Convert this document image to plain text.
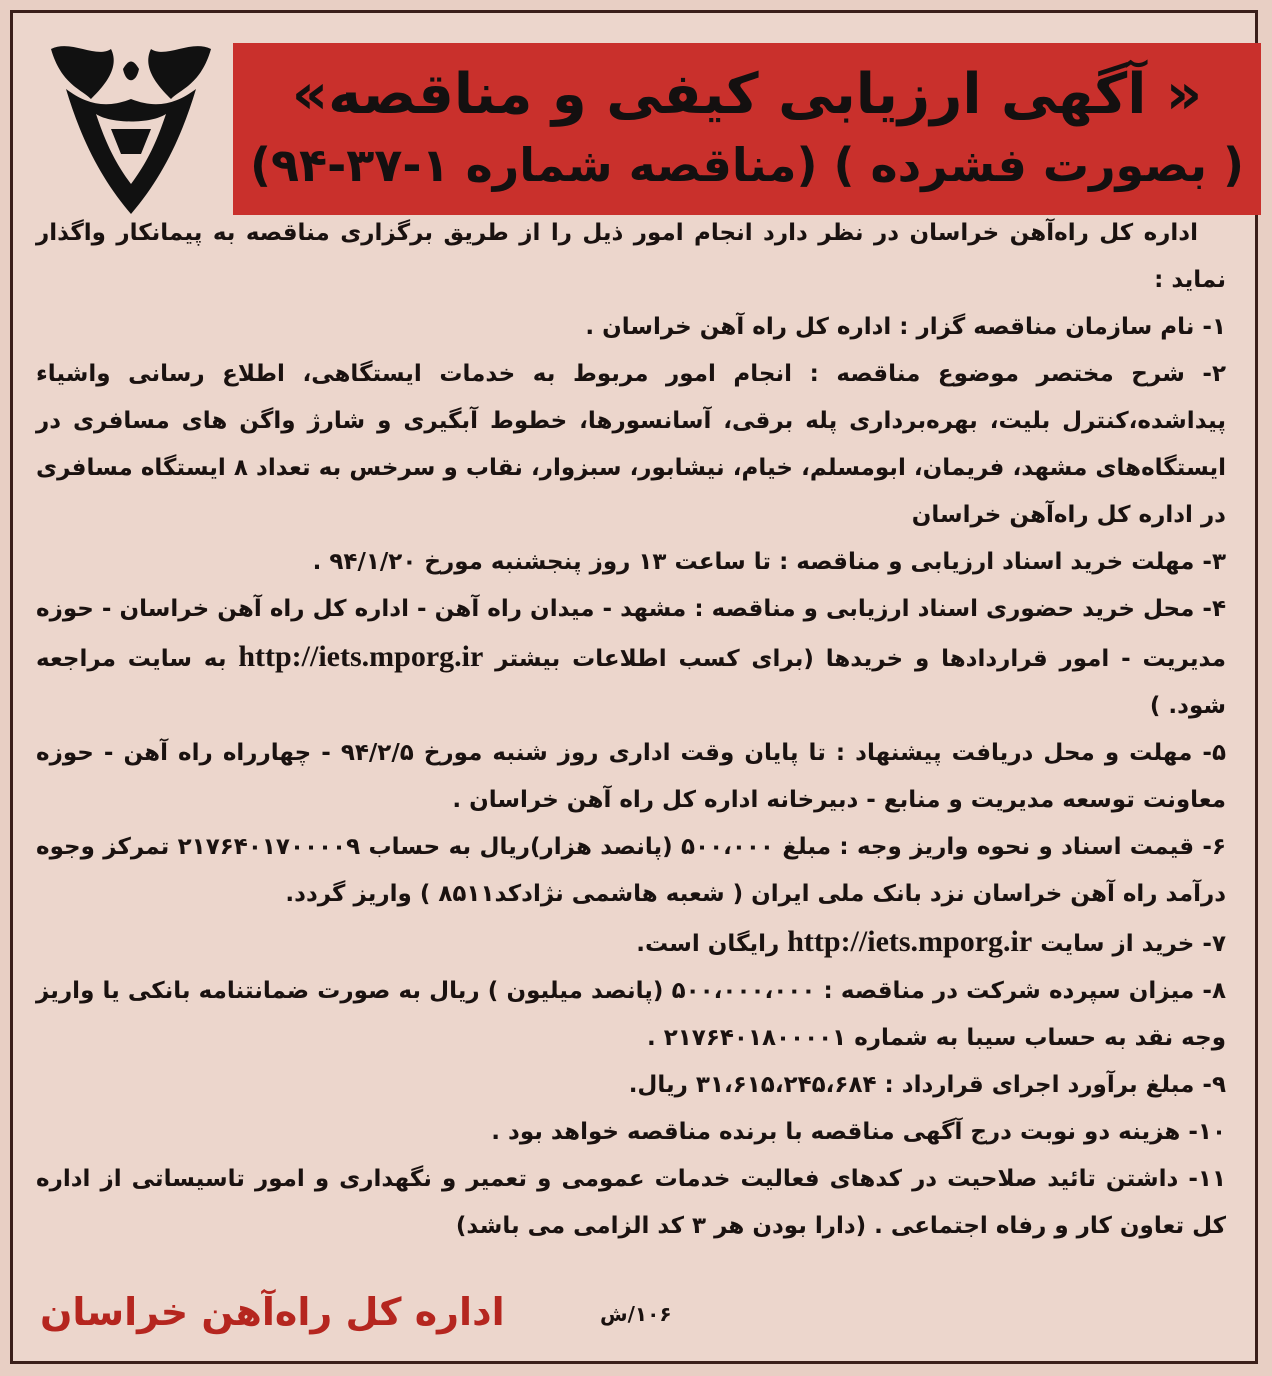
« آگهی ارزیابی کیفی و مناقصه»
( بصورت فشرده ) (مناقصه شماره ۱-۳۷-۹۴)

اداره کل راه‌آهن خراسان در نظر دارد انجام امور ذیل را از طریق برگزاری مناقصه به پیمانکار واگذار نماید :

۱- نام سازمان مناقصه گزار : اداره کل راه آهن خراسان .

۲- شرح مختصر موضوع مناقصه : انجام امور مربوط به خدمات ایستگاهی، اطلاع رسانی واشیاء پیداشده،کنترل بلیت، بهره‌برداری پله برقی، آسانسورها، خطوط آبگیری و شارژ واگن های مسافری در ایستگاه‌های مشهد، فریمان، ابومسلم، خیام، نیشابور، سبزوار، نقاب و سرخس به تعداد ۸ ایستگاه مسافری در اداره کل راه‌آهن خراسان

۳- مهلت خرید اسناد ارزیابی و مناقصه : تا ساعت ۱۳ روز پنجشنبه مورخ ۹۴/۱/۲۰ .

۴- محل خرید حضوری اسناد ارزیابی و مناقصه : مشهد - میدان راه آهن - اداره کل راه آهن خراسان - حوزه مدیریت - امور قراردادها و خریدها (برای کسب اطلاعات بیشتر http://iets.mporg.ir به سایت مراجعه شود. )

۵- مهلت و محل دریافت پیشنهاد : تا پایان وقت اداری روز شنبه مورخ ۹۴/۲/۵ - چهارراه راه آهن - حوزه معاونت توسعه مدیریت و منابع - دبیرخانه اداره کل راه آهن خراسان .

۶- قیمت اسناد و نحوه واریز وجه : مبلغ ۵۰۰،۰۰۰ (پانصد هزار)ریال به حساب ۲۱۷۶۴۰۱۷۰۰۰۰۹ تمرکز وجوه درآمد راه آهن خراسان نزد بانک ملی ایران ( شعبه هاشمی نژادکد۸۵۱۱ ) واریز گردد.

۷- خرید از سایت http://iets.mporg.ir رایگان است.

۸- میزان سپرده شرکت در مناقصه : ۵۰۰،۰۰۰،۰۰۰ (پانصد میلیون ) ریال به صورت ضمانتنامه بانکی یا واریز وجه نقد به حساب سیبا به شماره ۲۱۷۶۴۰۱۸۰۰۰۰۱ .

۹- مبلغ برآورد اجرای قرارداد : ۳۱،۶۱۵،۲۴۵،۶۸۴ ریال.

۱۰- هزینه دو نوبت درج آگهی مناقصه با برنده مناقصه خواهد بود .

۱۱- داشتن تائید صلاحیت در کدهای فعالیت خدمات عمومی و تعمیر و نگهداری و امور تاسیساتی از اداره کل تعاون کار و رفاه اجتماعی . (دارا بودن هر ۳ کد الزامی می باشد)

اداره کل راه‌آهن خراسان	۱۰۶/ش
